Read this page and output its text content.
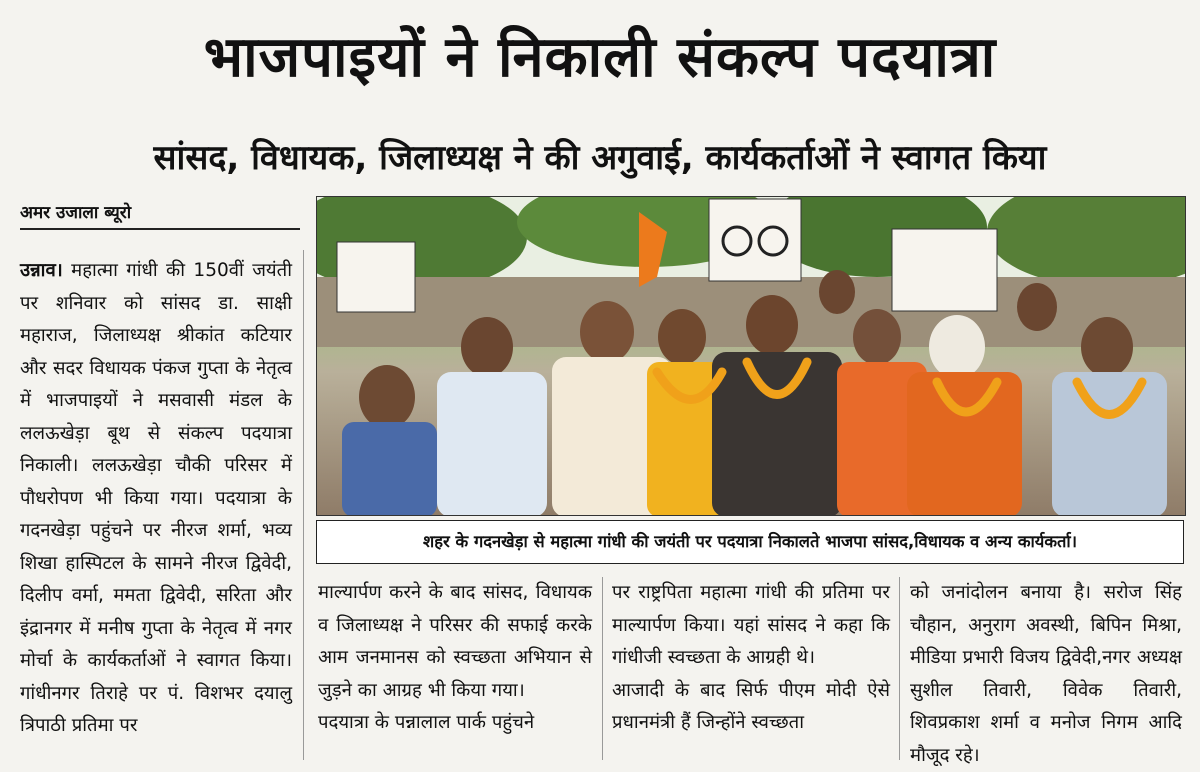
भाजपाइयों ने निकाली संकल्प पदयात्रा
सांसद, विधायक, जिलाध्यक्ष ने की अगुवाई, कार्यकर्ताओं ने स्वागत किया
अमर उजाला ब्यूरो

उन्नाव। महात्मा गांधी की 150वीं जयंती पर शनिवार को सांसद डा. साक्षी महाराज, जिलाध्यक्ष श्रीकांत कटियार और सदर विधायक पंकज गुप्ता के नेतृत्व में भाजपाइयों ने मसवासी मंडल के ललऊखेड़ा बूथ से संकल्प पदयात्रा निकाली। ललऊखेड़ा चौकी परिसर में पौधरोपण भी किया गया। पदयात्रा के गदनखेड़ा पहुंचने पर नीरज शर्मा, भव्य शिखा हास्पिटल के सामने नीरज द्विवेदी, दिलीप वर्मा, ममता द्विवेदी, सरिता और इंद्रानगर में मनीष गुप्ता के नेतृत्व में नगर मोर्चा के कार्यकर्ताओं ने स्वागत किया। गांधीनगर तिराहे पर पं. विशभर दयालु त्रिपाठी प्रतिमा पर

शहर के गदनखेड़ा से महात्मा गांधी की जयंती पर पदयात्रा निकालते भाजपा सांसद,विधायक व अन्य कार्यकर्ता।

माल्यार्पण करने के बाद सांसद, विधायक व जिलाध्यक्ष ने परिसर की सफाई करके आम जनमानस को स्वच्छता अभियान से जुड़ने का आग्रह भी किया गया।

पदयात्रा के पन्नालाल पार्क पहुंचने

पर राष्ट्रपिता महात्मा गांधी की प्रतिमा पर माल्यार्पण किया। यहां सांसद ने कहा कि गांधीजी स्वच्छता के आग्रही थे।

आजादी के बाद सिर्फ पीएम मोदी ऐसे प्रधानमंत्री हैं जिन्होंने स्वच्छता

को जनांदोलन बनाया है। सरोज सिंह चौहान, अनुराग अवस्थी, बिपिन मिश्रा, मीडिया प्रभारी विजय द्विवेदी,नगर अध्यक्ष सुशील तिवारी, विवेक तिवारी, शिवप्रकाश शर्मा व मनोज निगम आदि मौजूद रहे।
